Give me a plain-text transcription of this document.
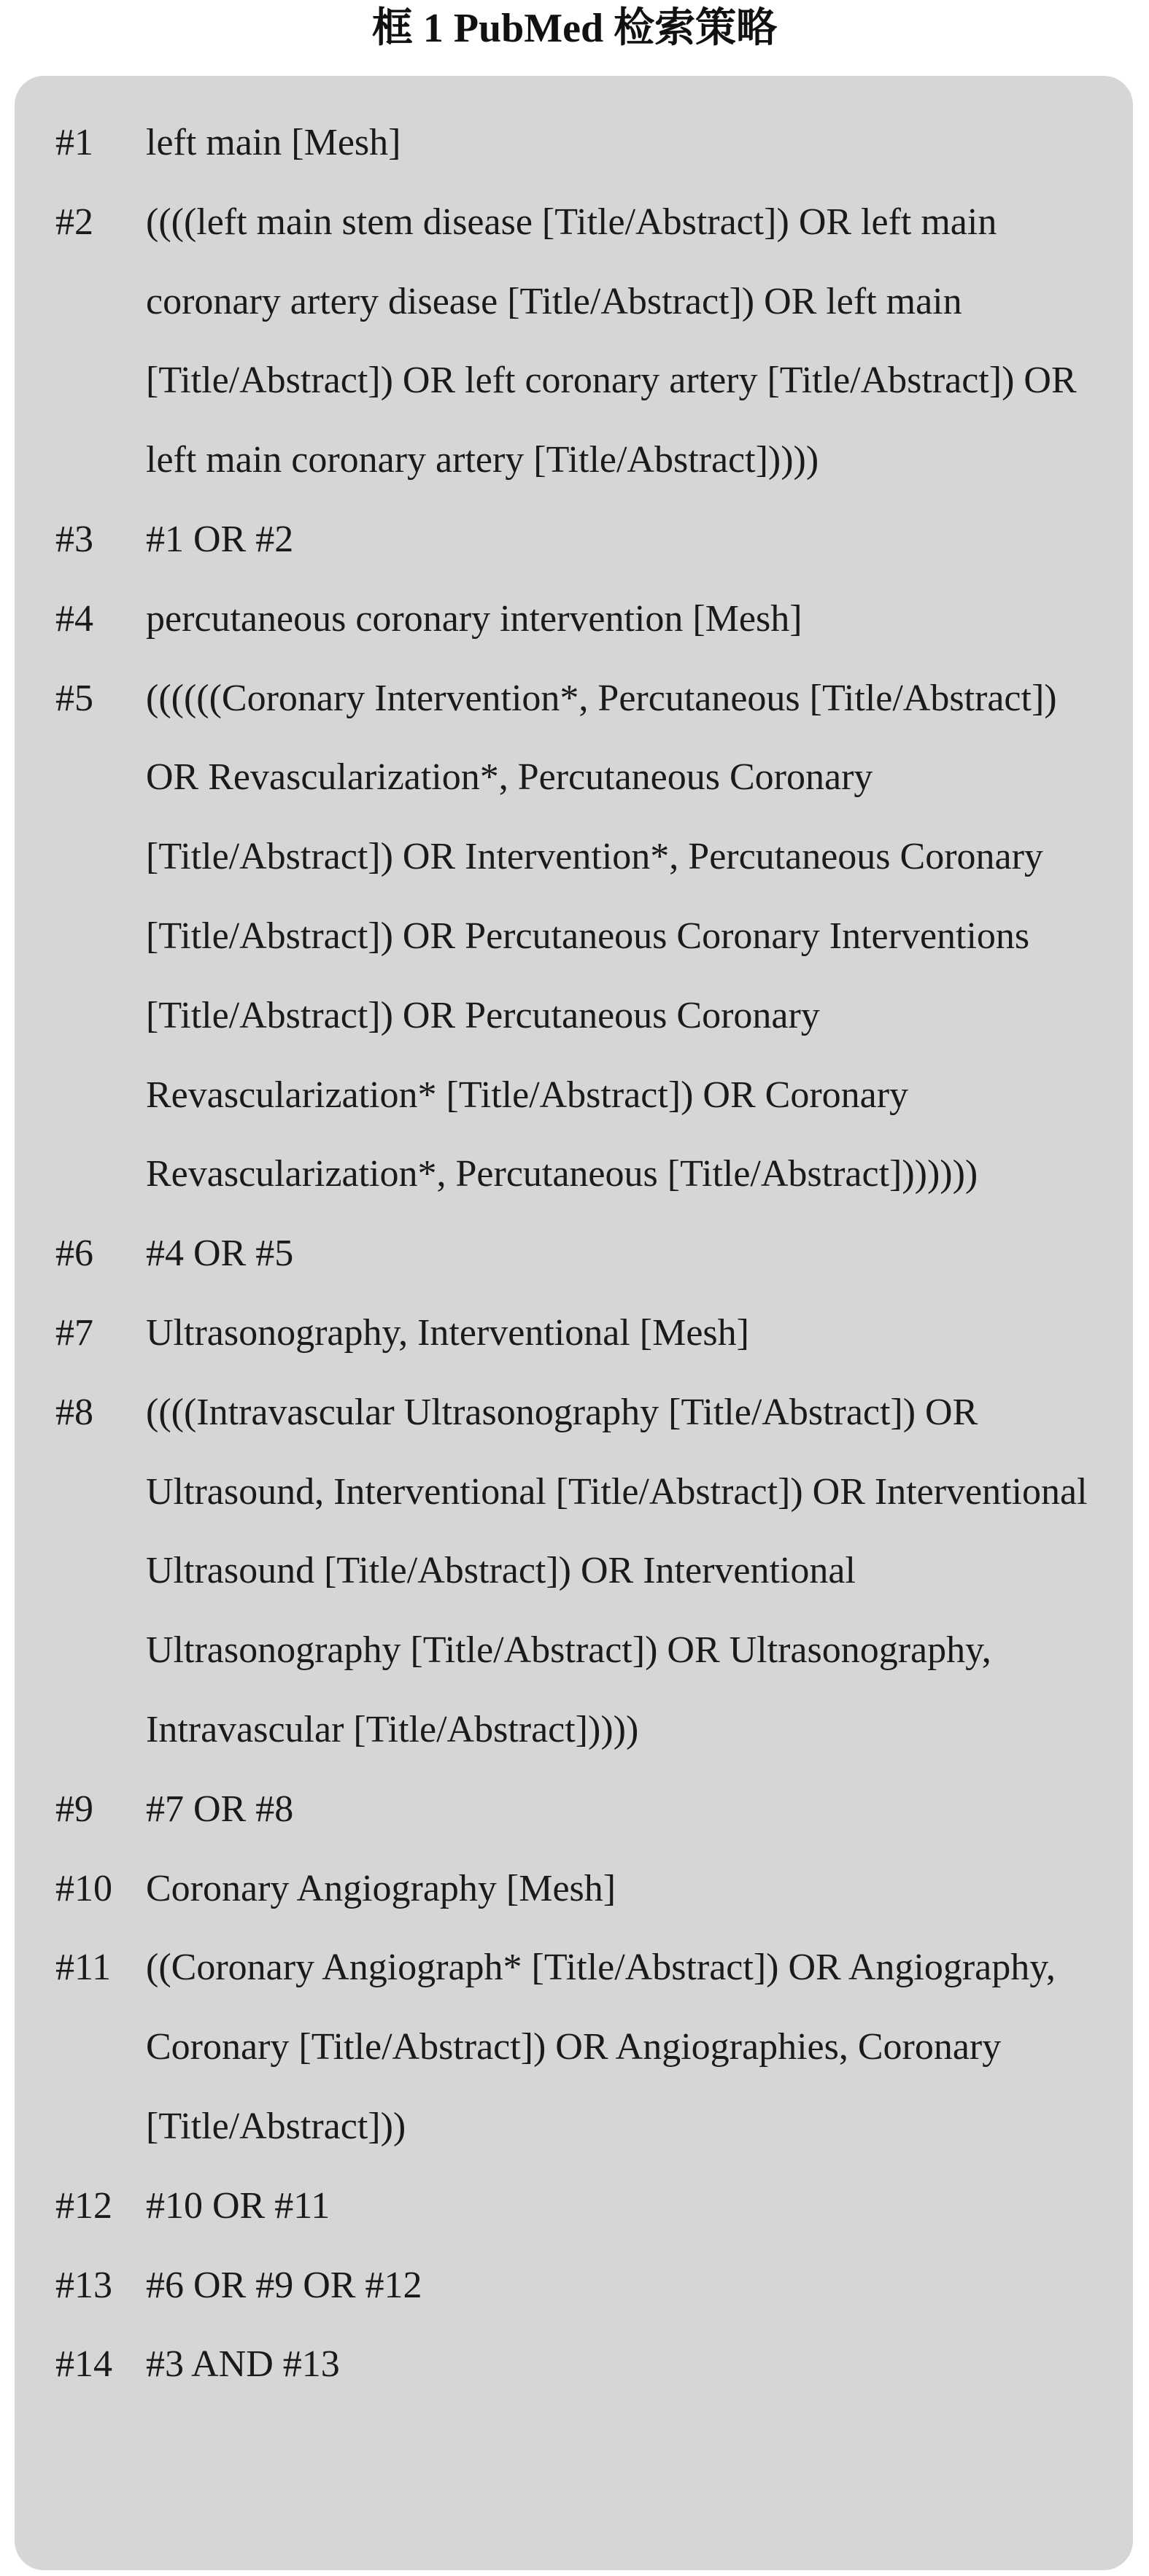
框 1 PubMed 检索策略
#1	left main [Mesh]
#2	((((left main stem disease [Title/Abstract]) OR left main coronary artery disease [Title/Abstract]) OR left main [Title/Abstract]) OR left coronary artery [Title/Abstract]) OR left main coronary artery [Title/Abstract]))))
#3	#1 OR #2
#4	percutaneous coronary intervention [Mesh]
#5	((((((Coronary Intervention*, Percutaneous [Title/Abstract]) OR Revascularization*, Percutaneous Coronary [Title/Abstract]) OR Intervention*, Percutaneous Coronary [Title/Abstract]) OR Percutaneous Coronary Interventions [Title/Abstract]) OR Percutaneous Coronary Revascularization* [Title/Abstract]) OR Coronary Revascularization*, Percutaneous [Title/Abstract]))))))
#6	#4 OR #5
#7	Ultrasonography, Interventional [Mesh]
#8	((((Intravascular Ultrasonography [Title/Abstract]) OR Ultrasound, Interventional [Title/Abstract]) OR Interventional Ultrasound [Title/Abstract]) OR Interventional Ultrasonography [Title/Abstract]) OR Ultrasonography, Intravascular [Title/Abstract]))))
#9	#7 OR #8
#10 Coronary Angiography [Mesh]
#11 ((Coronary Angiograph* [Title/Abstract]) OR Angiography, Coronary [Title/Abstract]) OR Angiographies, Coronary [Title/Abstract]))
#12 #10 OR #11
#13 #6 OR #9 OR #12
#14 #3 AND #13
